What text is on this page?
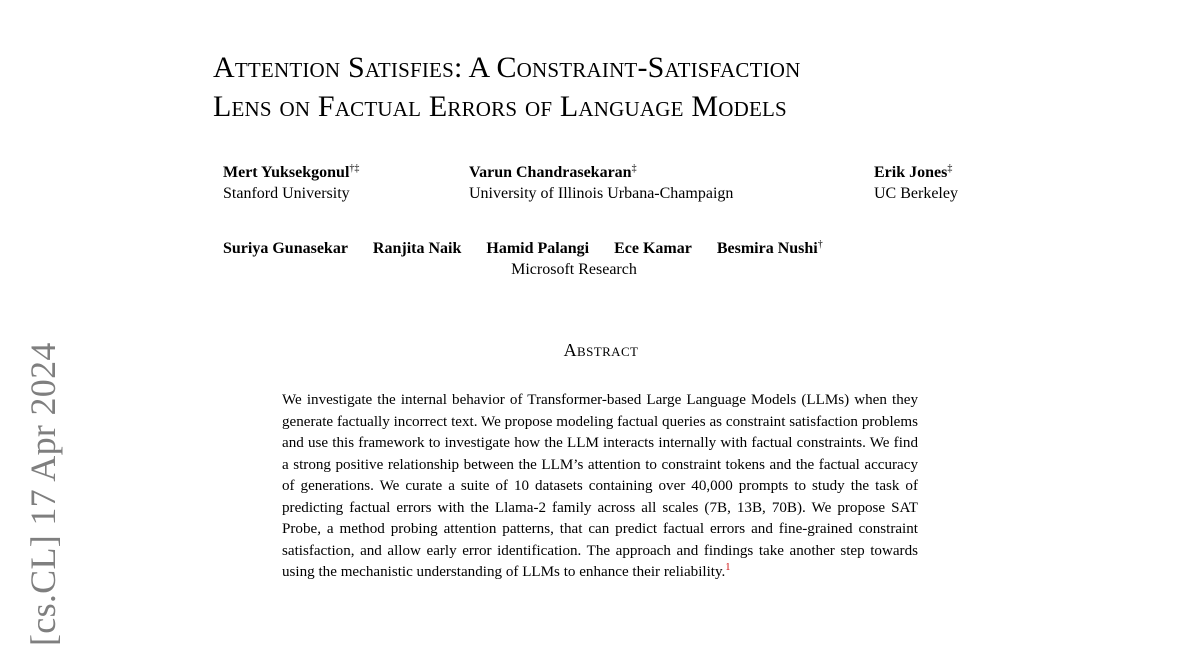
Attention Satisfies: A Constraint-Satisfaction
Lens on Factual Errors of Language Models
Mert Yuksekgonul†‡
Stanford University
Varun Chandrasekaran‡
University of Illinois Urbana-Champaign
Erik Jones‡
UC Berkeley
Suriya Gunasekar Ranjita Naik Hamid Palangi Ece Kamar Besmira Nushi†
Microsoft Research
Abstract
We investigate the internal behavior of Transformer-based Large Language Models (LLMs) when they generate factually incorrect text. We propose modeling factual queries as constraint satisfaction problems and use this framework to investigate how the LLM interacts internally with factual constraints. We find a strong positive relationship between the LLM’s attention to constraint tokens and the factual accuracy of generations. We curate a suite of 10 datasets containing over 40,000 prompts to study the task of predicting factual errors with the Llama-2 family across all scales (7B, 13B, 70B). We propose SAT Probe, a method probing attention patterns, that can predict factual errors and fine-grained constraint satisfaction, and allow early error identification. The approach and findings take another step towards using the mechanistic understanding of LLMs to enhance their reliability.$^1$
[cs.CL] 17 Apr 2024
